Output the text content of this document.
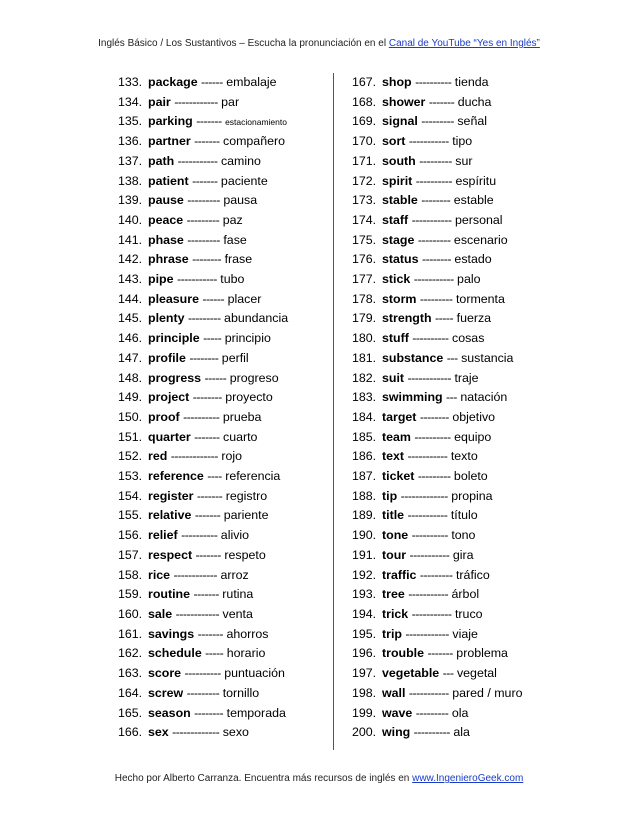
Inglés Básico / Los Sustantivos – Escucha la pronunciación en el Canal de YouTube “Yes en Inglés”
133. package ------ embalaje
134. pair ------------ par
135. parking ------- estacionamiento
136. partner ------- compañero
137. path ----------- camino
138. patient ------- paciente
139. pause --------- pausa
140. peace --------- paz
141. phase --------- fase
142. phrase -------- frase
143. pipe ----------- tubo
144. pleasure ------ placer
145. plenty --------- abundancia
146. principle ----- principio
147. profile -------- perfil
148. progress ------ progreso
149. project -------- proyecto
150. proof ---------- prueba
151. quarter ------- cuarto
152. red ------------- rojo
153. reference ---- referencia
154. register ------- registro
155. relative ------- pariente
156. relief ---------- alivio
157. respect ------- respeto
158. rice ------------ arroz
159. routine ------- rutina
160. sale ------------ venta
161. savings ------- ahorros
162. schedule ----- horario
163. score ---------- puntuación
164. screw --------- tornillo
165. season -------- temporada
166. sex ------------- sexo
167. shop ---------- tienda
168. shower ------- ducha
169. signal --------- señal
170. sort ----------- tipo
171. south --------- sur
172. spirit ---------- espíritu
173. stable -------- estable
174. staff ----------- personal
175. stage --------- escenario
176. status -------- estado
177. stick ----------- palo
178. storm --------- tormenta
179. strength ----- fuerza
180. stuff ---------- cosas
181. substance --- sustancia
182. suit ------------ traje
183. swimming --- natación
184. target -------- objetivo
185. team ---------- equipo
186. text ----------- texto
187. ticket --------- boleto
188. tip ------------- propina
189. title ----------- título
190. tone ---------- tono
191. tour ----------- gira
192. traffic --------- tráfico
193. tree ----------- árbol
194. trick ----------- truco
195. trip ------------ viaje
196. trouble ------- problema
197. vegetable --- vegetal
198. wall ----------- pared / muro
199. wave --------- ola
200. wing ---------- ala
Hecho por Alberto Carranza. Encuentra más recursos de inglés en www.IngenieroGeek.com
